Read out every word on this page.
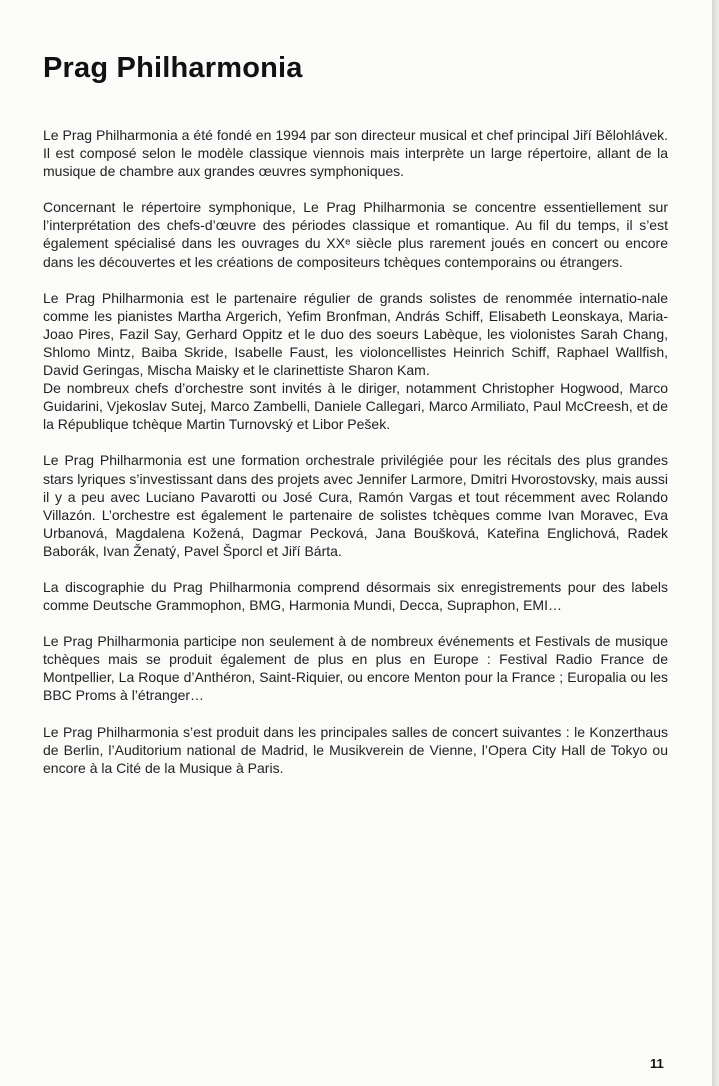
Prag Philharmonia

Le Prag Philharmonia a été fondé en 1994 par son directeur musical et chef principal Jiří Bělohlávek. Il est composé selon le modèle classique viennois mais interprète un large répertoire, allant de la musique de chambre aux grandes œuvres symphoniques.

Concernant le répertoire symphonique, Le Prag Philharmonia se concentre essentiellement sur l’interprétation des chefs-d’œuvre des périodes classique et romantique. Au fil du temps, il s’est également spécialisé dans les ouvrages du XXᵉ siècle plus rarement joués en concert ou encore dans les découvertes et les créations de compositeurs tchèques contemporains ou étrangers.

Le Prag Philharmonia est le partenaire régulier de grands solistes de renommée internatio-nale comme les pianistes Martha Argerich, Yefim Bronfman, András Schiff, Elisabeth Leonskaya, Maria-Joao Pires, Fazil Say, Gerhard Oppitz et le duo des soeurs Labèque, les violonistes Sarah Chang, Shlomo Mintz, Baiba Skride, Isabelle Faust, les violoncellistes Heinrich Schiff, Raphael Wallfish, David Geringas, Mischa Maisky et le clarinettiste Sharon Kam.

De nombreux chefs d’orchestre sont invités à le diriger, notamment Christopher Hogwood, Marco Guidarini, Vjekoslav Sutej, Marco Zambelli, Daniele Callegari, Marco Armiliato, Paul McCreesh, et de la République tchèque Martin Turnovský et Libor Pešek.

Le Prag Philharmonia est une formation orchestrale privilégiée pour les récitals des plus grandes stars lyriques s’investissant dans des projets avec Jennifer Larmore, Dmitri Hvorostovsky, mais aussi il y a peu avec Luciano Pavarotti ou José Cura, Ramón Vargas et tout récemment avec Rolando Villazón. L’orchestre est également le partenaire de solistes tchèques comme Ivan Moravec, Eva Urbanová, Magdalena Kožená, Dagmar Pecková, Jana Boušková, Kateřina Englichová, Radek Baborák, Ivan Ženatý, Pavel Šporcl et Jiří Bárta.

La discographie du Prag Philharmonia comprend désormais six enregistrements pour des labels comme Deutsche Grammophon, BMG, Harmonia Mundi, Decca, Supraphon, EMI…

Le Prag Philharmonia participe non seulement à de nombreux événements et Festivals de musique tchèques mais se produit également de plus en plus en Europe : Festival Radio France de Montpellier, La Roque d’Anthéron, Saint-Riquier, ou encore Menton pour la France ; Europalia ou les BBC Proms à l’étranger…

Le Prag Philharmonia s’est produit dans les principales salles de concert suivantes : le Konzerthaus de Berlin, l’Auditorium national de Madrid, le Musikverein de Vienne, l’Opera City Hall de Tokyo ou encore à la Cité de la Musique à Paris.

11
